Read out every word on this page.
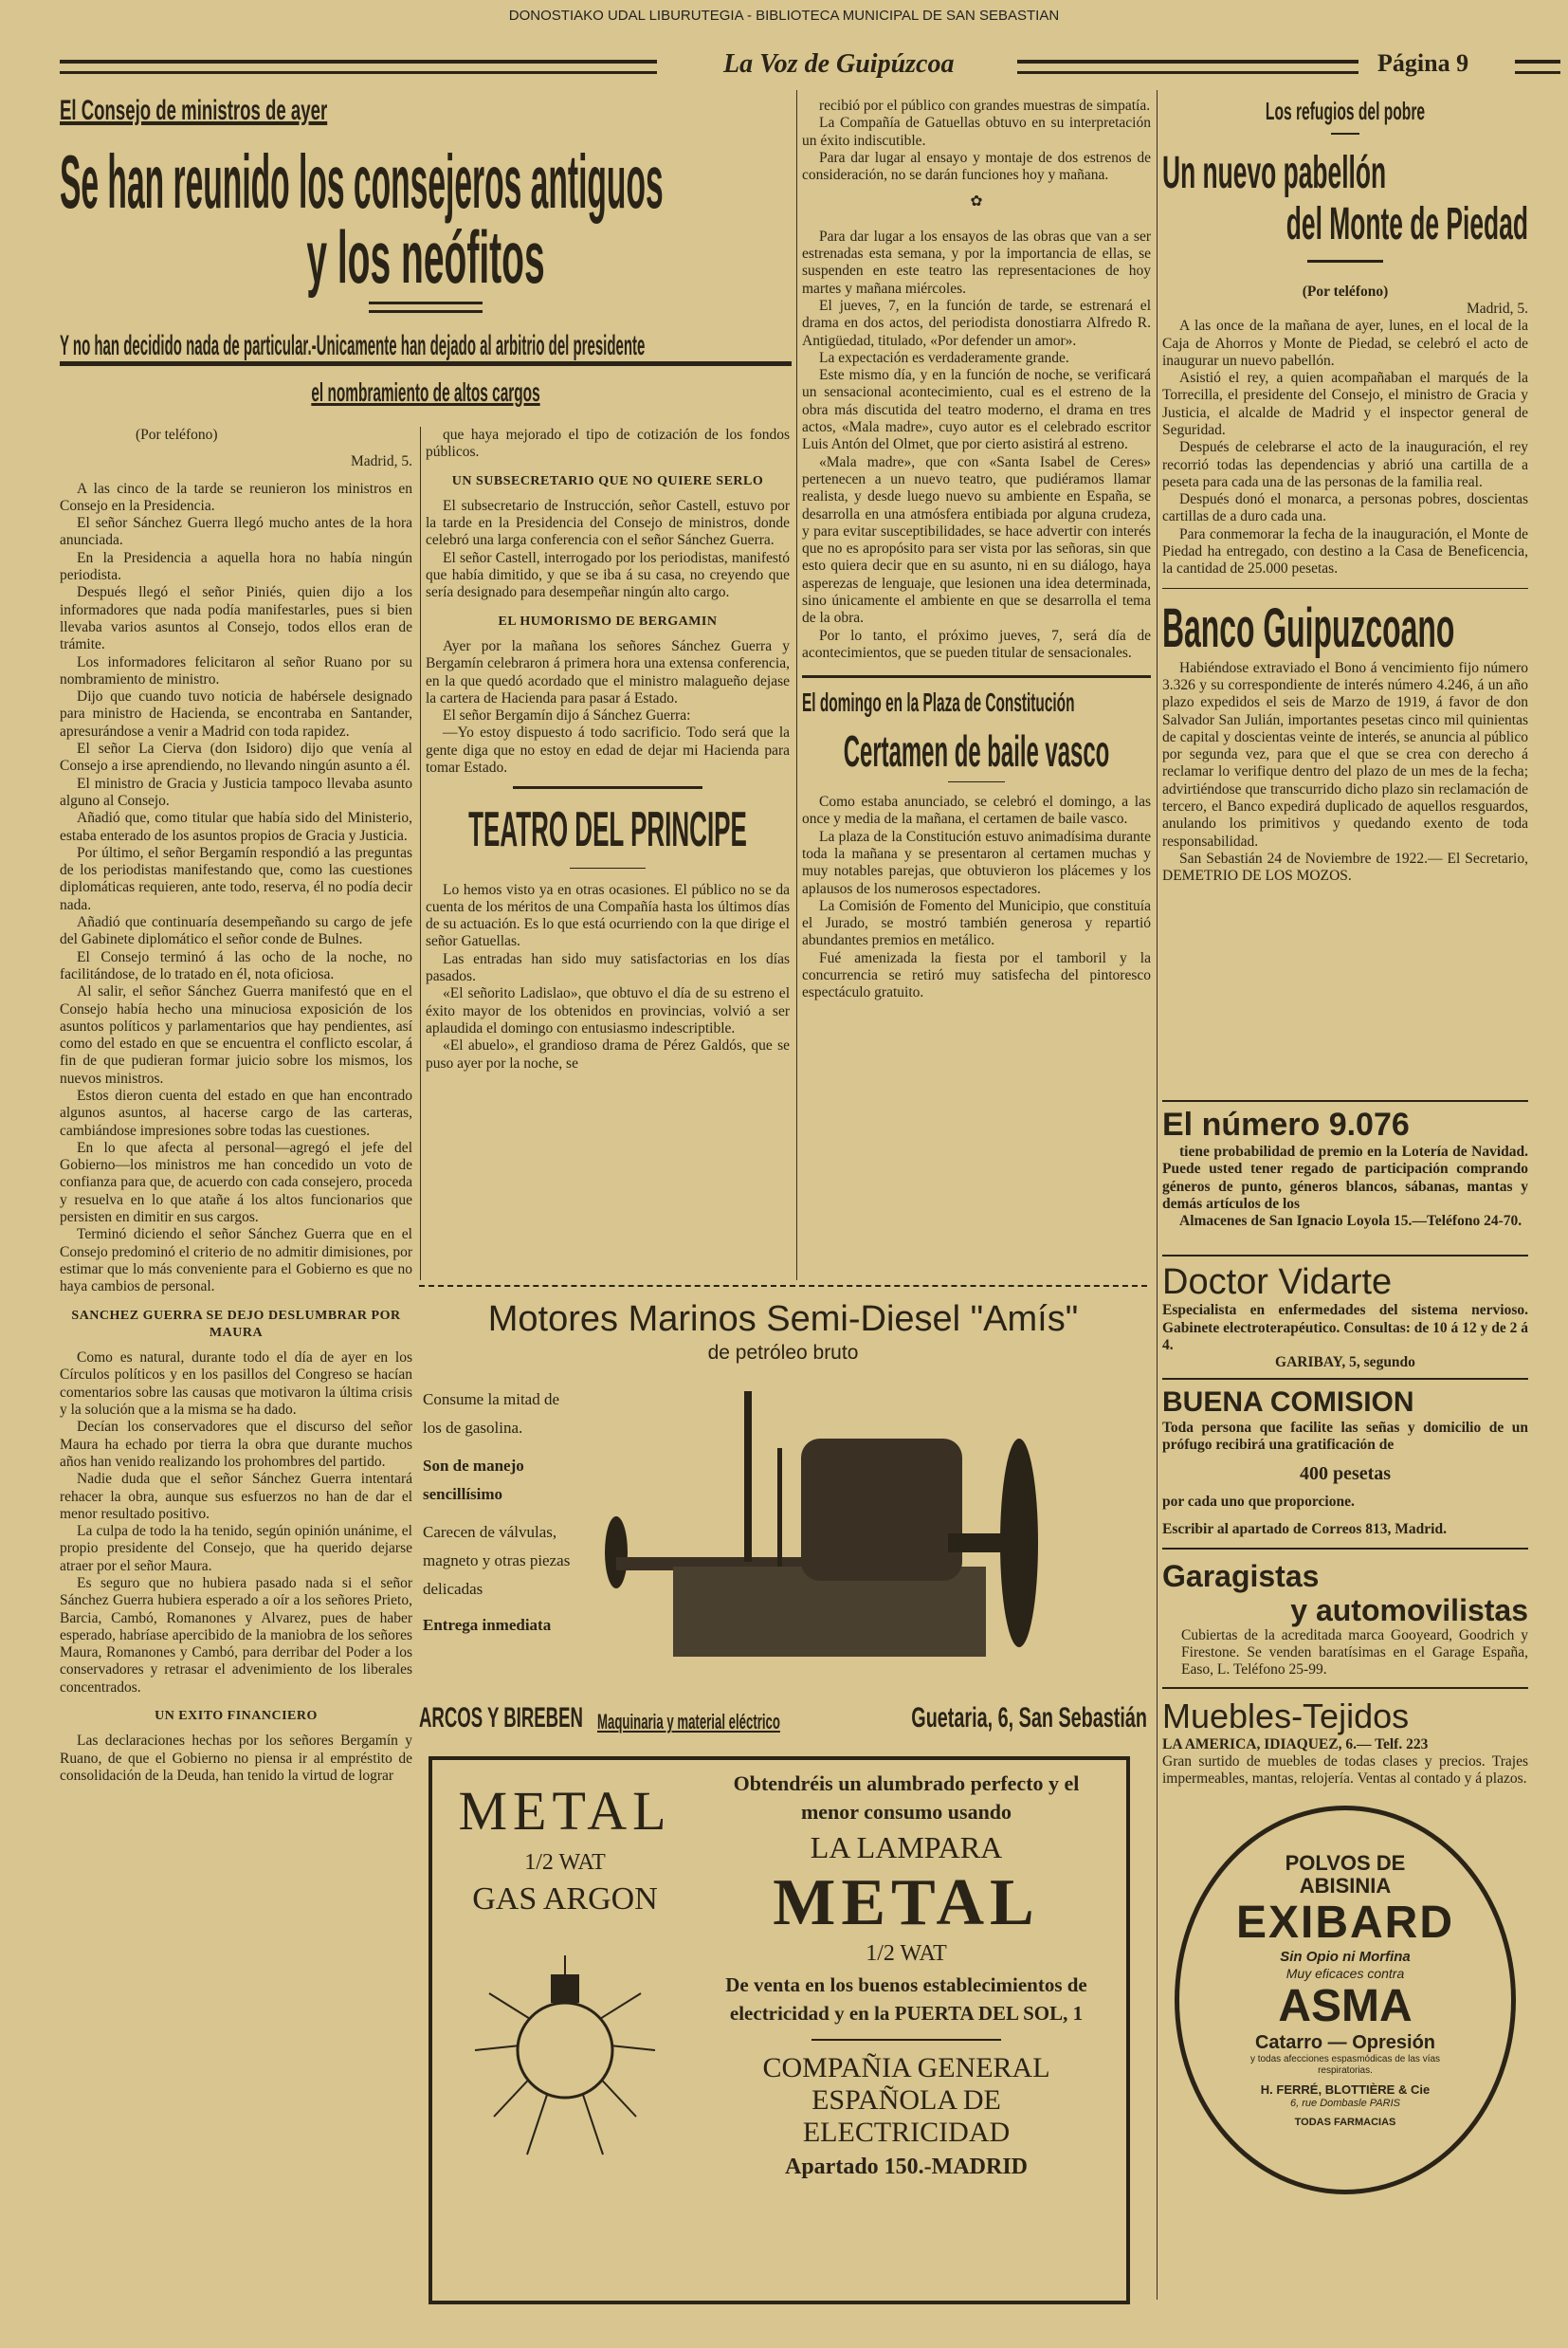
DONOSTIAKO UDAL LIBURUTEGIA - BIBLIOTECA MUNICIPAL DE SAN SEBASTIAN
La Voz de Guipúzcoa	Página 9
El Consejo de ministros de ayer
Se han reunido los consejeros antiguos
y los neófitos
Y no han decidido nada de particular.-Unicamente han dejado al arbitrio del presidente
el nombramiento de altos cargos
(Por teléfono)
Madrid, 5.

A las cinco de la tarde se reunieron los ministros en Consejo en la Presidencia.

El señor Sánchez Guerra llegó mucho antes de la hora anunciada.

En la Presidencia a aquella hora no había ningún periodista.

Después llegó el señor Piniés, quien dijo a los informadores que nada podía manifestarles, pues si bien llevaba varios asuntos al Consejo, todos ellos eran de trámite.

Los informadores felicitaron al señor Ruano por su nombramiento de ministro.

Dijo que cuando tuvo noticia de habérsele designado para ministro de Hacienda, se encontraba en Santander, apresurándose a venir a Madrid con toda rapidez.

El señor La Cierva (don Isidoro) dijo que venía al Consejo a irse aprendiendo, no llevando ningún asunto a él.

El ministro de Gracia y Justicia tampoco llevaba asunto alguno al Consejo.

Añadió que, como titular que había sido del Ministerio, estaba enterado de los asuntos propios de Gracia y Justicia.

Por último, el señor Bergamín respondió a las preguntas de los periodistas manifestando que, como las cuestiones diplomáticas requieren, ante todo, reserva, él no podía decir nada.

Añadió que continuaría desempeñando su cargo de jefe del Gabinete diplomático el señor conde de Bulnes.

El Consejo terminó á las ocho de la noche, no facilitándose, de lo tratado en él, nota oficiosa.

Al salir, el señor Sánchez Guerra manifestó que en el Consejo había hecho una minuciosa exposición de los asuntos políticos y parlamentarios que hay pendientes, así como del estado en que se encuentra el conflicto escolar, á fin de que pudieran formar juicio sobre los mismos, los nuevos ministros.

Estos dieron cuenta del estado en que han encontrado algunos asuntos, al hacerse cargo de las carteras, cambiándose impresiones sobre todas las cuestiones.

En lo que afecta al personal—agregó el jefe del Gobierno—los ministros me han concedido un voto de confianza para que, de acuerdo con cada consejero, proceda y resuelva en lo que atañe á los altos funcionarios que persisten en dimitir en sus cargos.

Terminó diciendo el señor Sánchez Guerra que en el Consejo predominó el criterio de no admitir dimisiones, por estimar que lo más conveniente para el Gobierno es que no haya cambios de personal.

SANCHEZ GUERRA SE DEJO DESLUMBRAR POR MAURA

Como es natural, durante todo el día de ayer en los Círculos políticos y en los pasillos del Congreso se hacían comentarios sobre las causas que motivaron la última crisis y la solución que a la misma se ha dado.

Decían los conservadores que el discurso del señor Maura ha echado por tierra la obra que durante muchos años han venido realizando los prohombres del partido.

Nadie duda que el señor Sánchez Guerra intentará rehacer la obra, aunque sus esfuerzos no han de dar el menor resultado positivo.

La culpa de todo la ha tenido, según opinión unánime, el propio presidente del Consejo, que ha querido dejarse atraer por el señor Maura.

Es seguro que no hubiera pasado nada si el señor Sánchez Guerra hubiera esperado a oír a los señores Prieto, Barcia, Cambó, Romanones y Alvarez, pues de haber esperado, habríase apercibido de la maniobra de los señores Maura, Romanones y Cambó, para derribar del Poder a los conservadores y retrasar el advenimiento de los liberales concentrados.

UN EXITO FINANCIERO

Las declaraciones hechas por los señores Bergamín y Ruano, de que el Gobierno no piensa ir al empréstito de consolidación de la Deuda, han tenido la virtud de lograr

que haya mejorado el tipo de cotización de los fondos públicos.

UN SUBSECRETARIO QUE NO QUIERE SERLO

El subsecretario de Instrucción, señor Castell, estuvo por la tarde en la Presidencia del Consejo de ministros, donde celebró una larga conferencia con el señor Sánchez Guerra.

El señor Castell, interrogado por los periodistas, manifestó que había dimitido, y que se iba á su casa, no creyendo que sería designado para desempeñar ningún alto cargo.

EL HUMORISMO DE BERGAMIN

Ayer por la mañana los señores Sánchez Guerra y Bergamín celebraron á primera hora una extensa conferencia, en la que quedó acordado que el ministro malagueño dejase la cartera de Hacienda para pasar á Estado.

El señor Bergamín dijo á Sánchez Guerra:

—Yo estoy dispuesto á todo sacrificio. Todo será que la gente diga que no estoy en edad de dejar mi Hacienda para tomar Estado.

TEATRO DEL PRINCIPE

Lo hemos visto ya en otras ocasiones. El público no se da cuenta de los méritos de una Compañía hasta los últimos días de su actuación. Es lo que está ocurriendo con la que dirige el señor Gatuellas.

Las entradas han sido muy satisfactorias en los días pasados.

«El señorito Ladislao», que obtuvo el día de su estreno el éxito mayor de los obtenidos en provincias, volvió a ser aplaudida el domingo con entusiasmo indescriptible.

«El abuelo», el grandioso drama de Pérez Galdós, que se puso ayer por la noche, se

recibió por el público con grandes muestras de simpatía.

La Compañía de Gatuellas obtuvo en su interpretación un éxito indiscutible.

Para dar lugar al ensayo y montaje de dos estrenos de consideración, no se darán funciones hoy y mañana.

✿

Para dar lugar a los ensayos de las obras que van a ser estrenadas esta semana, y por la importancia de ellas, se suspenden en este teatro las representaciones de hoy martes y mañana miércoles.

El jueves, 7, en la función de tarde, se estrenará el drama en dos actos, del periodista donostiarra Alfredo R. Antigüedad, titulado, «Por defender un amor».

La expectación es verdaderamente grande.

Este mismo día, y en la función de noche, se verificará un sensacional acontecimiento, cual es el estreno de la obra más discutida del teatro moderno, el drama en tres actos, «Mala madre», cuyo autor es el celebrado escritor Luis Antón del Olmet, que por cierto asistirá al estreno.

«Mala madre», que con «Santa Isabel de Ceres» pertenecen a un nuevo teatro, que pudiéramos llamar realista, y desde luego nuevo su ambiente en España, se desarrolla en una atmósfera entibiada por alguna crudeza, y para evitar susceptibilidades, se hace advertir con interés que no es apropósito para ser vista por las señoras, sin que esto quiera decir que en su asunto, ni en su diálogo, haya asperezas de lenguaje, que lesionen una idea determinada, sino únicamente el ambiente en que se desarrolla el tema de la obra.

Por lo tanto, el próximo jueves, 7, será día de acontecimientos, que se pueden titular de sensacionales.

El domingo en la Plaza de Constitución
Certamen de baile vasco

Como estaba anunciado, se celebró el domingo, a las once y media de la mañana, el certamen de baile vasco.

La plaza de la Constitución estuvo animadísima durante toda la mañana y se presentaron al certamen muchas y muy notables parejas, que obtuvieron los plácemes y los aplausos de los numerosos espectadores.

La Comisión de Fomento del Municipio, que constituía el Jurado, se mostró también generosa y repartió abundantes premios en metálico.

Fué amenizada la fiesta por el tamboril y la concurrencia se retiró muy satisfecha del pintoresco espectáculo gratuito.

Motores Marinos Semi-Diesel "Amís"
de petróleo bruto
Consume la mitad de los de gasolina.
Son de manejo sencillísimo
Carecen de válvulas, magneto y otras piezas delicadas
Entrega inmediata
ARCOS Y BIREBEN Maquinaria y material eléctrico	Guetaria, 6, San Sebastián
METAL
1/2 WAT
GAS ARGON
Obtendréis un alumbrado perfecto y el menor consumo usando
LA LAMPARA
METAL
1/2 WAT
De venta en los buenos establecimientos de electricidad y en la PUERTA DEL SOL, 1
COMPAÑIA GENERAL ESPAÑOLA DE ELECTRICIDAD
Apartado 150.-MADRID
Los refugios del pobre
Un nuevo pabellón
del Monte de Piedad
(Por teléfono)
Madrid, 5.

A las once de la mañana de ayer, lunes, en el local de la Caja de Ahorros y Monte de Piedad, se celebró el acto de inaugurar un nuevo pabellón.

Asistió el rey, a quien acompañaban el marqués de la Torrecilla, el presidente del Consejo, el ministro de Gracia y Justicia, el alcalde de Madrid y el inspector general de Seguridad.

Después de celebrarse el acto de la inauguración, el rey recorrió todas las dependencias y abrió una cartilla de a peseta para cada una de las personas de la familia real.

Después donó el monarca, a personas pobres, doscientas cartillas de a duro cada una.

Para conmemorar la fecha de la inauguración, el Monte de Piedad ha entregado, con destino a la Casa de Beneficencia, la cantidad de 25.000 pesetas.

Banco Guipuzcoano

Habiéndose extraviado el Bono á vencimiento fijo número 3.326 y su correspondiente de interés número 4.246, á un año plazo expedidos el seis de Marzo de 1919, á favor de don Salvador San Julián, importantes pesetas cinco mil quinientas de capital y doscientas veinte de interés, se anuncia al público por segunda vez, para que el que se crea con derecho á reclamar lo verifique dentro del plazo de un mes de la fecha; advirtiéndose que transcurrido dicho plazo sin reclamación de tercero, el Banco expedirá duplicado de aquellos resguardos, anulando los primitivos y quedando exento de toda responsabilidad.

San Sebastián 24 de Noviembre de 1922.— El Secretario, DEMETRIO DE LOS MOZOS.

El número 9.076

tiene probabilidad de premio en la Lotería de Navidad. Puede usted tener regado de participación comprando géneros de punto, géneros blancos, sábanas, mantas y demás artículos de los

Almacenes de San Ignacio Loyola 15.—Teléfono 24-70.

Doctor Vidarte
Especialista en enfermedades del sistema nervioso. Gabinete electroterapéutico. Consultas: de 10 á 12 y de 2 á 4.
GARIBAY, 5, segundo
BUENA COMISION
Toda persona que facilite las señas y domicilio de un prófugo recibirá una gratificación de
400 pesetas
por cada uno que proporcione.
Escribir al apartado de Correos 813, Madrid.
Garagistas
y automovilistas
Cubiertas de la acreditada marca Gooyeard, Goodrich y Firestone. Se venden baratísimas en el Garage España, Easo, L. Teléfono 25-99.
Muebles-Tejidos
LA AMERICA, IDIAQUEZ, 6.— Telf. 223
Gran surtido de muebles de todas clases y precios. Trajes impermeables, mantas, relojería. Ventas al contado y á plazos.
POLVOS DE ABISINIA
EXIBARD
Sin Opio ni Morfina
Muy eficaces contra
ASMA
Catarro — Opresión
y todas afecciones espasmódicas de las vías respiratorias.
H. FERRÉ, BLOTTIÈRE & Cie
6, rue Dombasle PARIS
TODAS FARMACIAS
